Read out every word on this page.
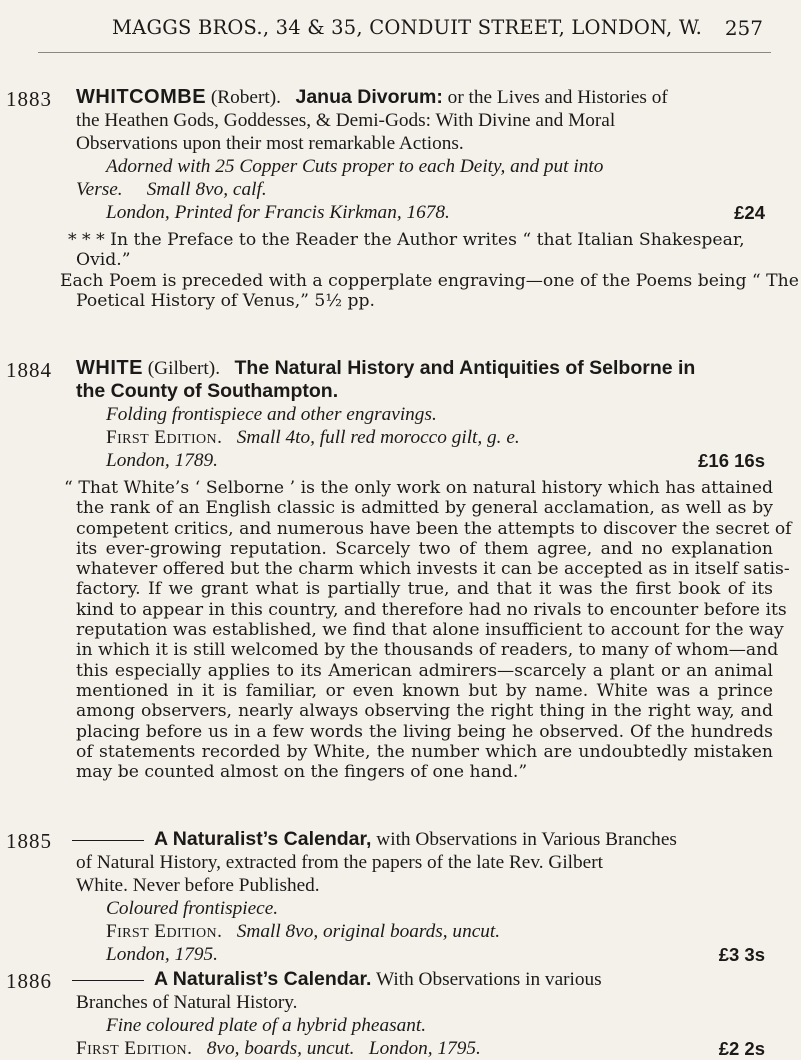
MAGGS BROS., 34 & 35, CONDUIT STREET, LONDON, W. 257
1883 WHITCOMBE (Robert). Janua Divorum: or the Lives and Histories of
the Heathen Gods, Goddesses, & Demi-Gods: With Divine and Moral
Observations upon their most remarkable Actions.
Adorned with 25 Copper Cuts proper to each Deity, and put into
Verse. Small 8vo, calf.
London, Printed for Francis Kirkman, 1678.	£24
* * * In the Preface to the Reader the Author writes “ that Italian Shakespear,
Ovid.”
Each Poem is preceded with a copperplate engraving—one of the Poems being “ The
Poetical History of Venus,” 5½ pp.
1884 WHITE (Gilbert). The Natural History and Antiquities of Selborne in
the County of Southampton.
Folding frontispiece and other engravings.
First Edition. Small 4to, full red morocco gilt, g. e.
London, 1789.	£16 16s
“ That White’s ‘ Selborne ’ is the only work on natural history which has attained
the rank of an English classic is admitted by general acclamation, as well as by
competent critics, and numerous have been the attempts to discover the secret of
its ever-growing reputation. Scarcely two of them agree, and no explanation
whatever offered but the charm which invests it can be accepted as in itself satis-
factory. If we grant what is partially true, and that it was the first book of its
kind to appear in this country, and therefore had no rivals to encounter before its
reputation was established, we find that alone insufficient to account for the way
in which it is still welcomed by the thousands of readers, to many of whom—and
this especially applies to its American admirers—scarcely a plant or an animal
mentioned in it is familiar, or even known but by name. White was a prince
among observers, nearly always observing the right thing in the right way, and
placing before us in a few words the living being he observed. Of the hundreds
of statements recorded by White, the number which are undoubtedly mistaken
may be counted almost on the fingers of one hand.”
1885	A Naturalist’s Calendar, with Observations in Various Branches
of Natural History, extracted from the papers of the late Rev. Gilbert
White. Never before Published.
Coloured frontispiece.
First Edition. Small 8vo, original boards, uncut.
London, 1795.	£3 3s
1886	A Naturalist’s Calendar. With Observations in various
Branches of Natural History.
Fine coloured plate of a hybrid pheasant.
First Edition. 8vo, boards, uncut. London, 1795.	£2 2s
